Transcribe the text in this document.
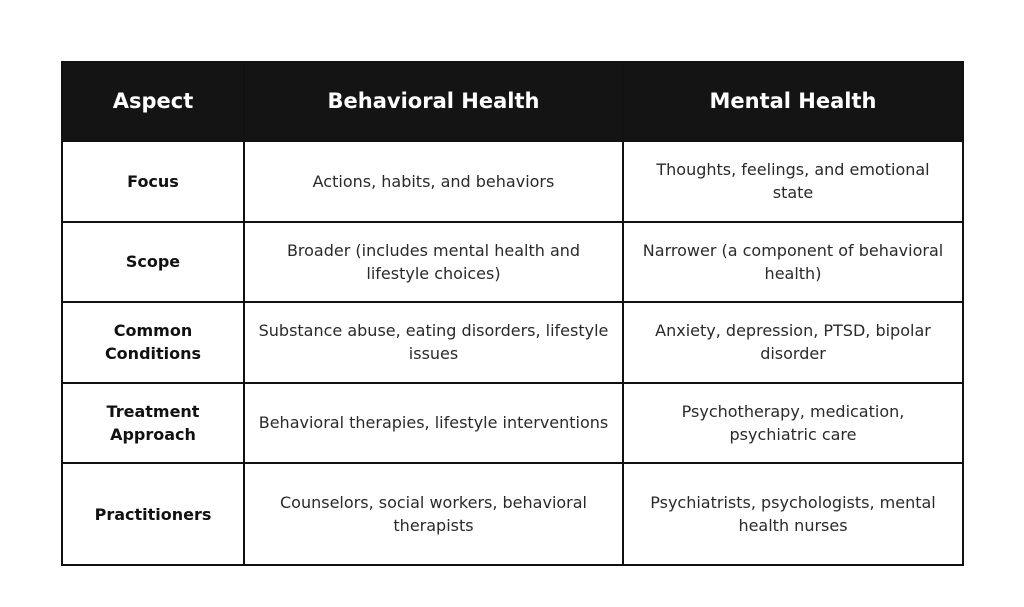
Aspect	Behavioral Health	Mental Health
Focus	Actions, habits, and behaviors	Thoughts, feelings, and emotional state
Scope	Broader (includes mental health and lifestyle choices)	Narrower (a component of behavioral health)
Common Conditions	Substance abuse, eating disorders, lifestyle issues	Anxiety, depression, PTSD, bipolar disorder
Treatment Approach	Behavioral therapies, lifestyle interventions	Psychotherapy, medication, psychiatric care
Practitioners	Counselors, social workers, behavioral therapists	Psychiatrists, psychologists, mental health nurses
